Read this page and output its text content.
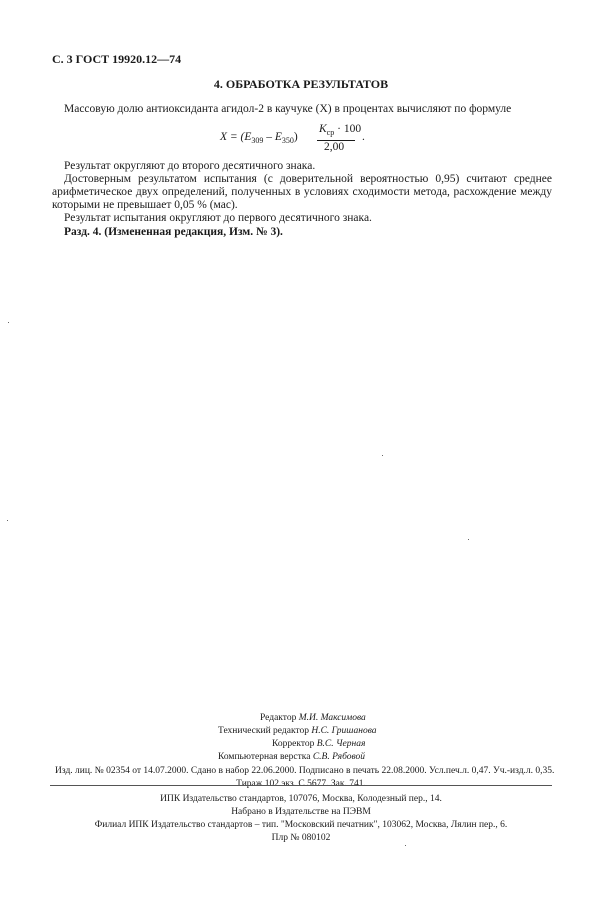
С. 3 ГОСТ 19920.12—74
4. ОБРАБОТКА РЕЗУЛЬТАТОВ
Массовую долю антиоксиданта агидол-2 в каучуке (X) в процентах вычисляют по формуле
$X = (E_{309} - E_{350})$
$K_{ср} \cdot 100$
2,00
.
Результат округляют до второго десятичного знака.
Достоверным результатом испытания (с доверительной вероятностью 0,95) считают среднее
арифметическое двух определений, полученных в условиях сходимости метода, расхождение между
которыми не превышает 0,05 % (мас).
Результат испытания округляют до первого десятичного знака.
Разд. 4. (Измененная редакция, Изм. № 3).
Редактор М.И. Максимова
Технический редактор Н.С. Гришанова
Корректор В.С. Черная
Компьютерная верстка С.В. Рябовой
Изд. лиц. № 02354 от 14.07.2000. Сдано в набор 22.06.2000. Подписано в печать 22.08.2000. Усл.печ.л. 0,47. Уч.-изд.л. 0,35.
Тираж 102 экз. С 5677. Зак. 741.
ИПК Издательство стандартов, 107076, Москва, Колодезный пер., 14.
Набрано в Издательстве на ПЭВМ
Филиал ИПК Издательство стандартов – тип. "Московский печатник", 103062, Москва, Лялин пер., 6.
Плр № 080102
